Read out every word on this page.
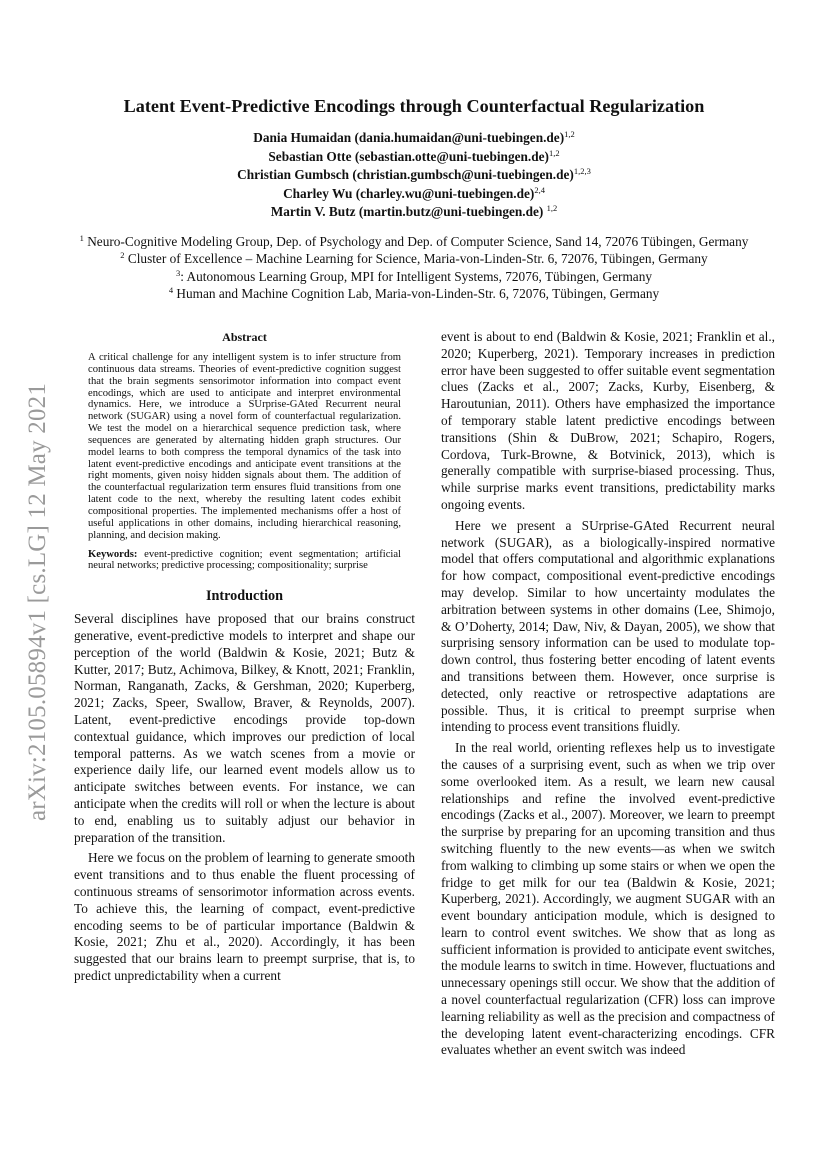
arXiv:2105.05894v1 [cs.LG] 12 May 2021
Latent Event-Predictive Encodings through Counterfactual Regularization
Dania Humaidan (dania.humaidan@uni-tuebingen.de)$^{1,2}$
Sebastian Otte (sebastian.otte@uni-tuebingen.de)$^{1,2}$
Christian Gumbsch (christian.gumbsch@uni-tuebingen.de)$^{1,2,3}$
Charley Wu (charley.wu@uni-tuebingen.de)$^{2,4}$
Martin V. Butz (martin.butz@uni-tuebingen.de) $^{1,2}$
$^1$ Neuro-Cognitive Modeling Group, Dep. of Psychology and Dep. of Computer Science, Sand 14, 72076 Tübingen, Germany
$^2$ Cluster of Excellence – Machine Learning for Science, Maria-von-Linden-Str. 6, 72076, Tübingen, Germany
$^3$: Autonomous Learning Group, MPI for Intelligent Systems, 72076, Tübingen, Germany
$^4$ Human and Machine Cognition Lab, Maria-von-Linden-Str. 6, 72076, Tübingen, Germany
Abstract

A critical challenge for any intelligent system is to infer structure from continuous data streams. Theories of event-predictive cognition suggest that the brain segments sensorimotor information into compact event encodings, which are used to anticipate and interpret environmental dynamics. Here, we introduce a SUrprise-GAted Recurrent neural network (SUGAR) using a novel form of counterfactual regularization. We test the model on a hierarchical sequence prediction task, where sequences are generated by alternating hidden graph structures. Our model learns to both compress the temporal dynamics of the task into latent event-predictive encodings and anticipate event transitions at the right moments, given noisy hidden signals about them. The addition of the counterfactual regularization term ensures fluid transitions from one latent code to the next, whereby the resulting latent codes exhibit compositional properties. The implemented mechanisms offer a host of useful applications in other domains, including hierarchical reasoning, planning, and decision making.

Keywords: event-predictive cognition; event segmentation; artificial neural networks; predictive processing; compositionality; surprise

Introduction

Several disciplines have proposed that our brains construct generative, event-predictive models to interpret and shape our perception of the world (Baldwin & Kosie, 2021; Butz & Kutter, 2017; Butz, Achimova, Bilkey, & Knott, 2021; Franklin, Norman, Ranganath, Zacks, & Gershman, 2020; Kuperberg, 2021; Zacks, Speer, Swallow, Braver, & Reynolds, 2007). Latent, event-predictive encodings provide top-down contextual guidance, which improves our prediction of local temporal patterns. As we watch scenes from a movie or experience daily life, our learned event models allow us to anticipate switches between events. For instance, we can anticipate when the credits will roll or when the lecture is about to end, enabling us to suitably adjust our behavior in preparation of the transition.

Here we focus on the problem of learning to generate smooth event transitions and to thus enable the fluent processing of continuous streams of sensorimotor information across events. To achieve this, the learning of compact, event-predictive encoding seems to be of particular importance (Baldwin & Kosie, 2021; Zhu et al., 2020). Accordingly, it has been suggested that our brains learn to preempt surprise, that is, to predict unpredictability when a current

event is about to end (Baldwin & Kosie, 2021; Franklin et al., 2020; Kuperberg, 2021). Temporary increases in prediction error have been suggested to offer suitable event segmentation clues (Zacks et al., 2007; Zacks, Kurby, Eisenberg, & Haroutunian, 2011). Others have emphasized the importance of temporary stable latent predictive encodings between transitions (Shin & DuBrow, 2021; Schapiro, Rogers, Cordova, Turk-Browne, & Botvinick, 2013), which is generally compatible with surprise-biased processing. Thus, while surprise marks event transitions, predictability marks ongoing events.

Here we present a SUrprise-GAted Recurrent neural network (SUGAR), as a biologically-inspired normative model that offers computational and algorithmic explanations for how compact, compositional event-predictive encodings may develop. Similar to how uncertainty modulates the arbitration between systems in other domains (Lee, Shimojo, & O’Doherty, 2014; Daw, Niv, & Dayan, 2005), we show that surprising sensory information can be used to modulate top-down control, thus fostering better encoding of latent events and transitions between them. However, once surprise is detected, only reactive or retrospective adaptations are possible. Thus, it is critical to preempt surprise when intending to process event transitions fluidly.

In the real world, orienting reflexes help us to investigate the causes of a surprising event, such as when we trip over some overlooked item. As a result, we learn new causal relationships and refine the involved event-predictive encodings (Zacks et al., 2007). Moreover, we learn to preempt the surprise by preparing for an upcoming transition and thus switching fluently to the new events—as when we switch from walking to climbing up some stairs or when we open the fridge to get milk for our tea (Baldwin & Kosie, 2021; Kuperberg, 2021). Accordingly, we augment SUGAR with an event boundary anticipation module, which is designed to learn to control event switches. We show that as long as sufficient information is provided to anticipate event switches, the module learns to switch in time. However, fluctuations and unnecessary openings still occur. We show that the addition of a novel counterfactual regularization (CFR) loss can improve learning reliability as well as the precision and compactness of the developing latent event-characterizing encodings. CFR evaluates whether an event switch was indeed
